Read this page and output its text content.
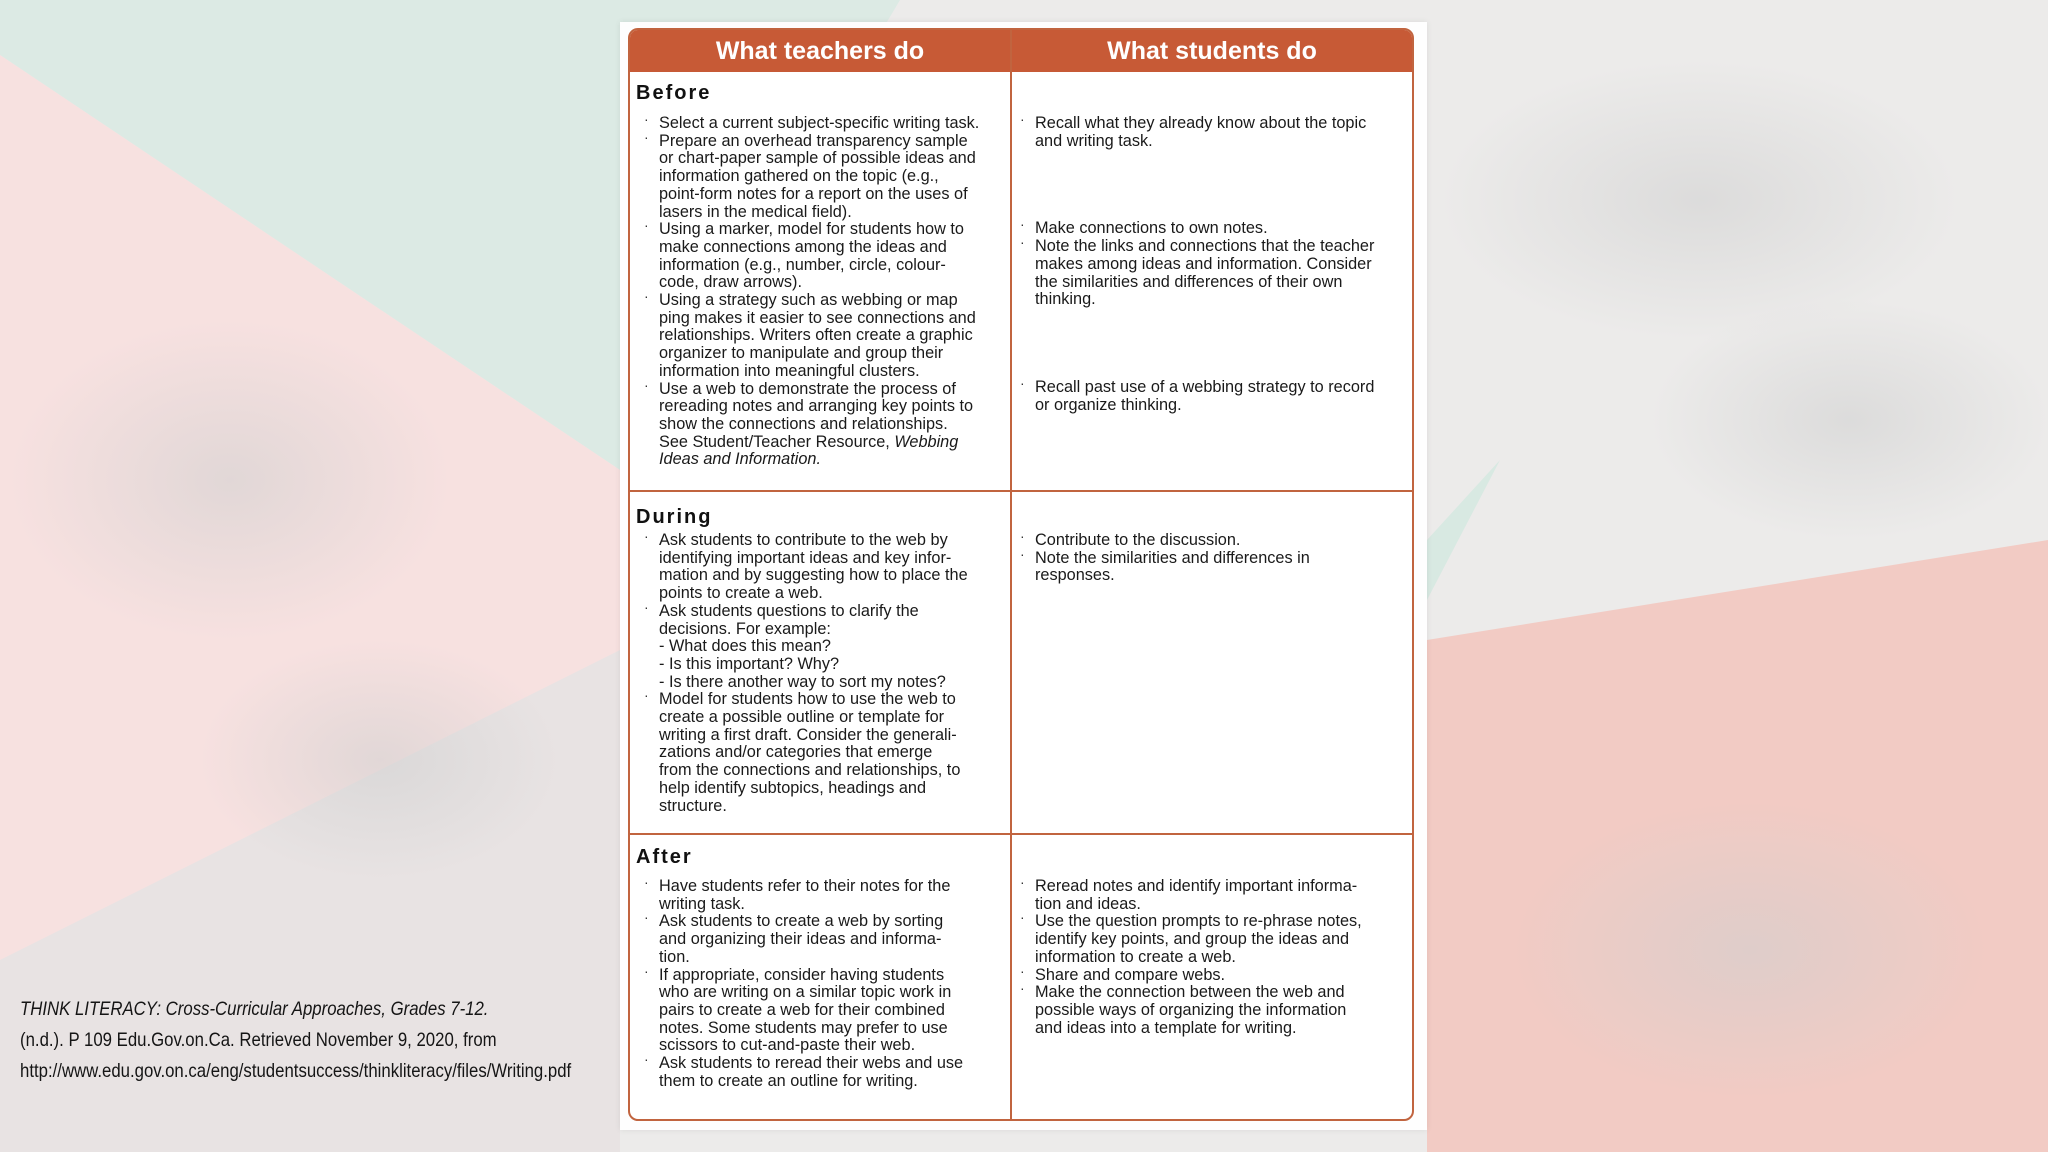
What teachers do	What students do
Before
· Select a current subject-specific writing task.
· Prepare an overhead transparency sample
or chart-paper sample of possible ideas and
information gathered on the topic (e.g.,
point-form notes for a report on the uses of
lasers in the medical field).
· Using a marker, model for students how to
make connections among the ideas and
information (e.g., number, circle, colour-
code, draw arrows).
· Using a strategy such as webbing or map
ping makes it easier to see connections and
relationships. Writers often create a graphic
organizer to manipulate and group their
information into meaningful clusters.
· Use a web to demonstrate the process of
rereading notes and arranging key points to
show the connections and relationships.
See Student/Teacher Resource, Webbing
Ideas and Information.
· Recall what they already know about the topic
and writing task.
· Make connections to own notes.
· Note the links and connections that the teacher
makes among ideas and information. Consider
the similarities and differences of their own
thinking.
· Recall past use of a webbing strategy to record
or organize thinking.
During
· Ask students to contribute to the web by
identifying important ideas and key infor-
mation and by suggesting how to place the
points to create a web.
· Ask students questions to clarify the
decisions. For example:
- What does this mean?
- Is this important? Why?
- Is there another way to sort my notes?
· Model for students how to use the web to
create a possible outline or template for
writing a first draft. Consider the generali-
zations and/or categories that emerge
from the connections and relationships, to
help identify subtopics, headings and
structure.
· Contribute to the discussion.
· Note the similarities and differences in
responses.
After
· Have students refer to their notes for the
writing task.
· Ask students to create a web by sorting
and organizing their ideas and informa-
tion.
· If appropriate, consider having students
who are writing on a similar topic work in
pairs to create a web for their combined
notes. Some students may prefer to use
scissors to cut-and-paste their web.
· Ask students to reread their webs and use
them to create an outline for writing.
· Reread notes and identify important informa-
tion and ideas.
· Use the question prompts to re-phrase notes,
identify key points, and group the ideas and
information to create a web.
· Share and compare webs.
· Make the connection between the web and
possible ways of organizing the information
and ideas into a template for writing.
THINK LITERACY: Cross-Curricular Approaches, Grades 7-12. (n.d.). P 109 Edu.Gov.on.Ca. Retrieved November 9, 2020, from http://www.edu.gov.on.ca/eng/studentsuccess/thinkliteracy/files/Writing.pdf
